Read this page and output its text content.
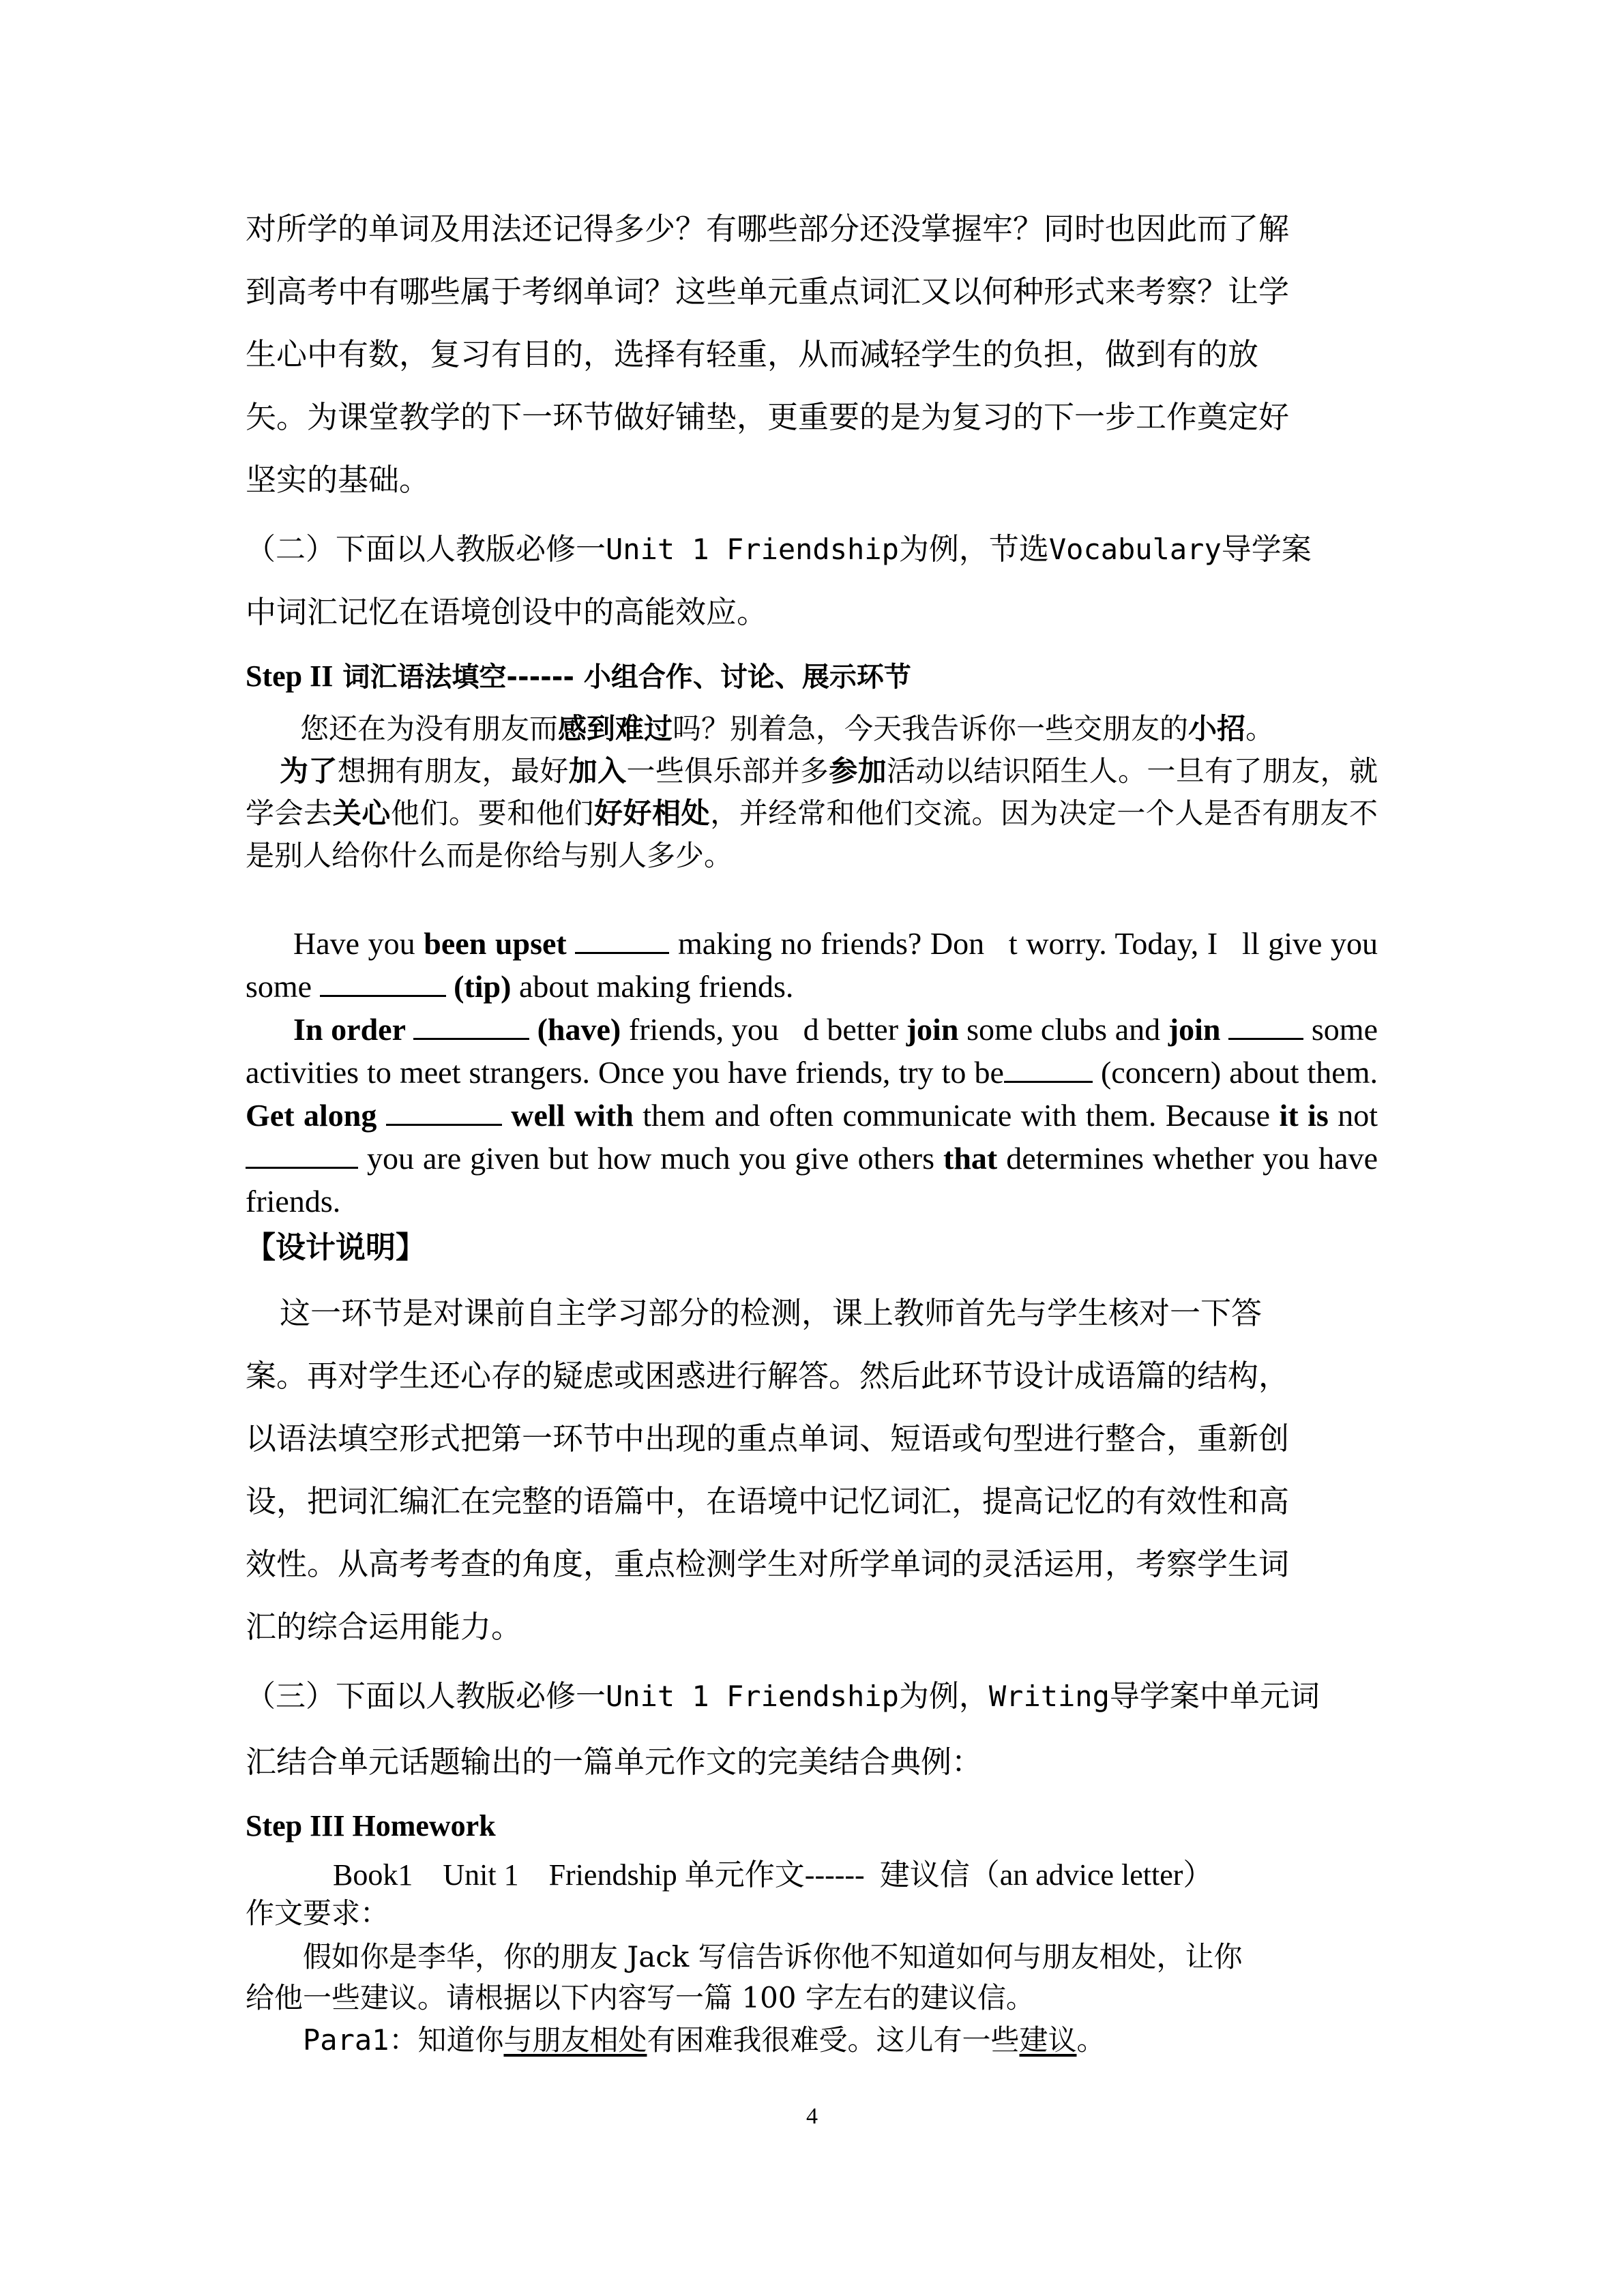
对所学的单词及用法还记得多少？有哪些部分还没掌握牢？同时也因此而了解

到高考中有哪些属于考纲单词？这些单元重点词汇又以何种形式来考察？让学

生心中有数，复习有目的，选择有轻重，从而减轻学生的负担，做到有的放

矢。为课堂教学的下一环节做好铺垫，更重要的是为复习的下一步工作奠定好

坚实的基础。

（二）下面以人教版必修一Unit 1 Friendship为例，节选Vocabulary导学案
中词汇记忆在语境创设中的高能效应。
Step II 词汇语法填空------ 小组合作、讨论、展示环节

您还在为没有朋友而感到难过吗？别着急，今天我告诉你一些交朋友的小招。

为了想拥有朋友，最好加入一些俱乐部并多参加活动以结识陌生人。一旦有了朋友，就学会去关心他们。要和他们好好相处，并经常和他们交流。因为决定一个人是否有朋友不是别人给你什么而是你给与别人多少。

Have you been upset	making no friends? Don t worry. Today, I ll give you some	(tip) about making friends.

In order	(have) friends, you d better join some clubs and join	some activities to meet strangers. Once you have friends, try to be	(concern) about them. Get along	well with them and often communicate with them. Because it is not you are given but how much you give others that determines whether you have friends.

【设计说明】

这一环节是对课前自主学习部分的检测，课上教师首先与学生核对一下答

案。再对学生还心存的疑虑或困惑进行解答。然后此环节设计成语篇的结构，

以语法填空形式把第一环节中出现的重点单词、短语或句型进行整合，重新创

设，把词汇编汇在完整的语篇中，在语境中记忆词汇，提高记忆的有效性和高

效性。从高考考查的角度，重点检测学生对所学单词的灵活运用，考察学生词

汇的综合运用能力。

（三）下面以人教版必修一Unit 1 Friendship为例，Writing导学案中单元词
汇结合单元话题输出的一篇单元作文的完美结合典例：
Step III Homework
Book1    Unit 1    Friendship 单元作文------  建议信（an advice letter）
作文要求：
假如你是李华，你的朋友 Jack 写信告诉你他不知道如何与朋友相处，让你
给他一些建议。请根据以下内容写一篇 100 字左右的建议信。
Para1：知道你与朋友相处有困难我很难受。这儿有一些建议。
4
